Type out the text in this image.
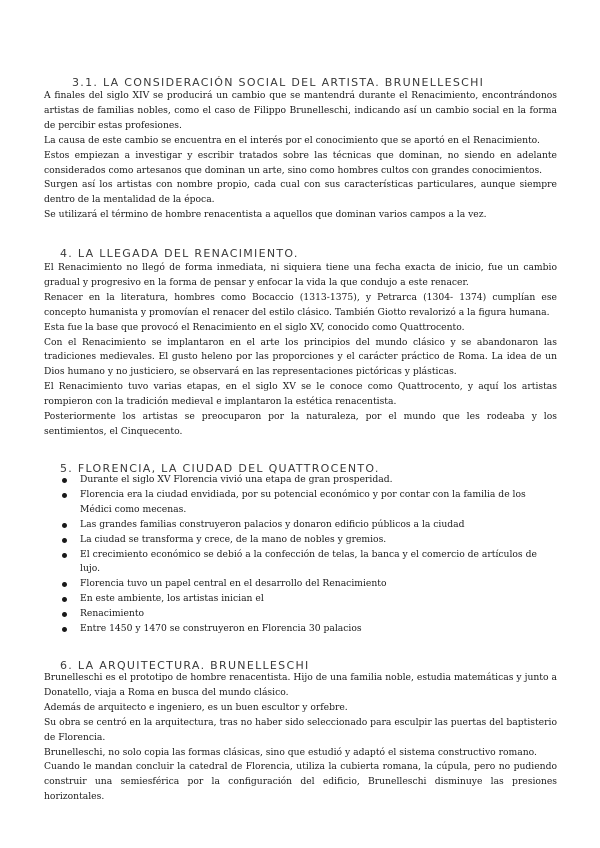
3.1. LA CONSIDERACIÓN SOCIAL DEL ARTISTA. BRUNELLESCHI

A finales del siglo XIV se producirá un cambio que se mantendrá durante el Renacimiento, encontrándonos artistas de familias nobles, como el caso de Filippo Brunelleschi, indicando así un cambio social en la forma de percibir estas profesiones.

La causa de este cambio se encuentra en el interés por el conocimiento que se aportó en el Renacimiento.

Estos empiezan a investigar y escribir tratados sobre las técnicas que dominan, no siendo en adelante considerados como artesanos que dominan un arte, sino como hombres cultos con grandes conocimientos.

Surgen así los artistas con nombre propio, cada cual con sus características particulares, aunque siempre dentro de la mentalidad de la época.

Se utilizará el término de hombre renacentista a aquellos que dominan varios campos a la vez.

4. LA LLEGADA DEL RENACIMIENTO.

El Renacimiento no llegó de forma inmediata, ni siquiera tiene una fecha exacta de inicio, fue un cambio gradual y progresivo en la forma de pensar y enfocar la vida la que condujo a este renacer.

Renacer en la literatura, hombres como Bocaccio (1313-1375), y Petrarca (1304- 1374) cumplían ese concepto humanista y promovían el renacer del estilo clásico. También Giotto revalorizó a la figura humana.

Esta fue la base que provocó el Renacimiento en el siglo XV, conocido como Quattrocento.

Con el Renacimiento se implantaron en el arte los principios del mundo clásico y se abandonaron las tradiciones medievales. El gusto heleno por las proporciones y el carácter práctico de Roma. La idea de un Dios humano y no justiciero, se observará en las representaciones pictóricas y plásticas.

El Renacimiento tuvo varias etapas, en el siglo XV se le conoce como Quattrocento, y aquí los artistas rompieron con la tradición medieval e implantaron la estética renacentista.

Posteriormente los artistas se preocuparon por la naturaleza, por el mundo que les rodeaba y los sentimientos, el Cinquecento.

5. FLORENCIA, LA CIUDAD DEL QUATTROCENTO.
Durante el siglo XV Florencia vivió una etapa de gran prosperidad.
Florencia era la ciudad envidiada, por su potencial económico y por contar con la familia de los Médici como mecenas.
Las grandes familias construyeron palacios y donaron edificio públicos a la ciudad
La ciudad se transforma y crece, de la mano de nobles y gremios.
El crecimiento económico se debió a la confección de telas, la banca y el comercio de artículos de lujo.
Florencia tuvo un papel central en el desarrollo del Renacimiento
En este ambiente, los artistas inician el
Renacimiento
Entre 1450 y 1470 se construyeron en Florencia 30 palacios
6. LA ARQUITECTURA. BRUNELLESCHI

Brunelleschi es el prototipo de hombre renacentista. Hijo de una familia noble, estudia matemáticas y junto a Donatello, viaja a Roma en busca del mundo clásico.

Además de arquitecto e ingeniero, es un buen escultor y orfebre.

Su obra se centró en la arquitectura, tras no haber sido seleccionado para esculpir las puertas del baptisterio de Florencia.

Brunelleschi, no solo copia las formas clásicas, sino que estudió y adaptó el sistema constructivo romano.

Cuando le mandan concluir la catedral de Florencia, utiliza la cubierta romana, la cúpula, pero no pudiendo construir una semiesférica por la configuración del edificio, Brunelleschi disminuye las presiones horizontales.
